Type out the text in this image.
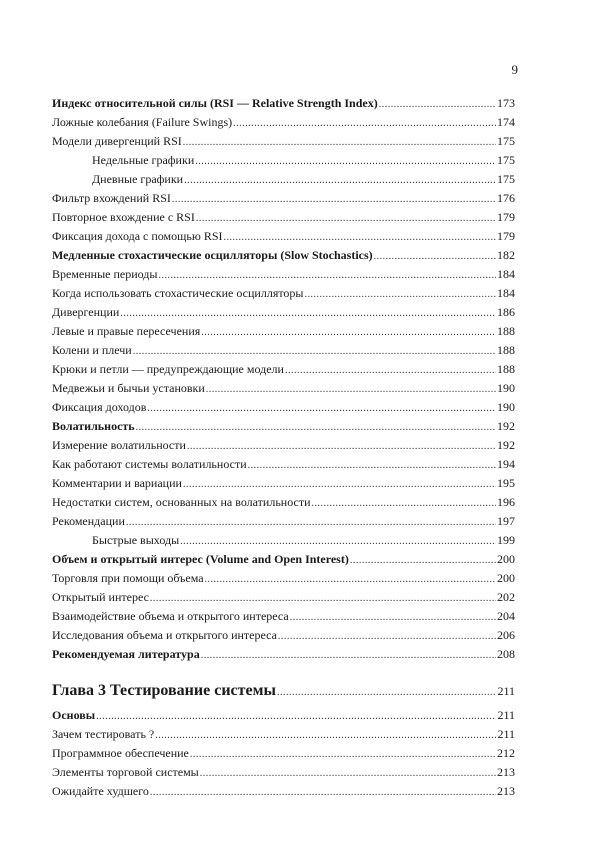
9
Индекс относительной силы (RSI — Relative Strength Index) .....	173
Ложные колебания (Failure Swings) .....	174
Модели дивергенций RSI .....	175
Недельные графики .....	175
Дневные графики .....	175
Фильтр вхождений RSI .....	176
Повторное вхождение с RSI .....	179
Фиксация дохода с помощью RSI .....	179
Медленные стохастические осцилляторы (Slow Stochastics) .....	182
Временные периоды .....	184
Когда использовать стохастические осцилляторы .....	184
Дивергенции .....	186
Левые и правые пересечения .....	188
Колени и плечи .....	188
Крюки и петли — предупреждающие модели .....	188
Медвежьи и бычьи установки .....	190
Фиксация доходов .....	190
Волатильность .....	192
Измерение волатильности .....	192
Как работают системы волатильности .....	194
Комментарии и вариации .....	195
Недостатки систем, основанных на волатильности .....	196
Рекомендации .....	197
Быстрые выходы .....	199
Объем и открытый интерес (Volume and Open Interest) .....	200
Торговля при помощи объема .....	200
Открытый интерес .....	202
Взаимодействие объема и открытого интереса .....	204
Исследования объема и открытого интереса .....	206
Рекомендуемая литература .....	208
Глава 3 Тестирование системы .....	211
Основы .....	211
Зачем тестировать ? .....	211
Программное обеспечение .....	212
Элементы торговой системы .....	213
Ожидайте худшего .....	213
